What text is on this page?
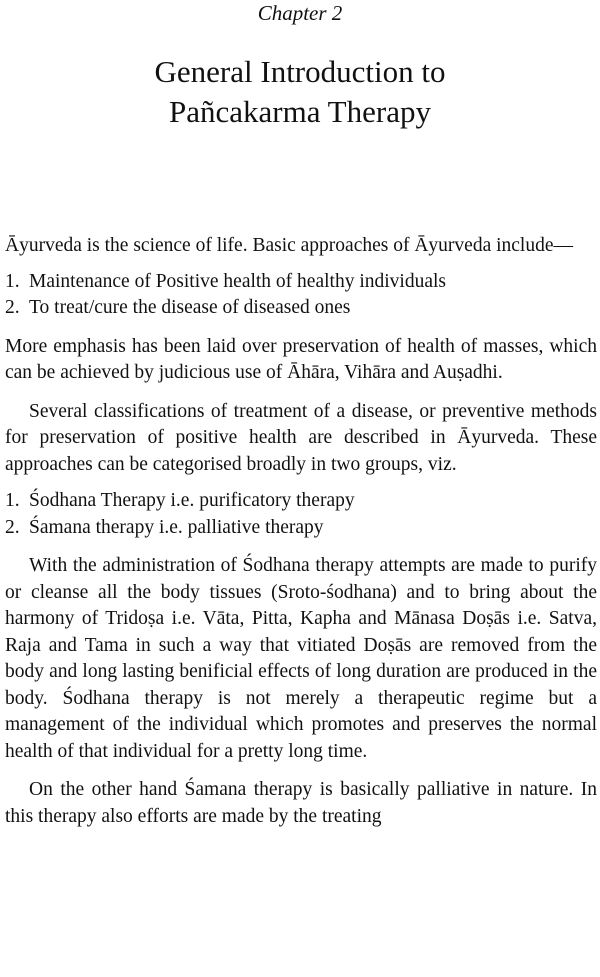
Chapter 2
General Introduction to
Pañcakarma Therapy

Āyurveda is the science of life. Basic approaches of Āyurveda include—

1. Maintenance of Positive health of healthy individuals

2. To treat/cure the disease of diseased ones

More emphasis has been laid over preservation of health of masses, which can be achieved by judicious use of Āhāra, Vihāra and Auṣadhi.

Several classifications of treatment of a disease, or preventive methods for preservation of positive health are described in Āyurveda. These approaches can be categorised broadly in two groups, viz.

1. Śodhana Therapy i.e. purificatory therapy

2. Śamana therapy i.e. palliative therapy

With the administration of Śodhana therapy attempts are made to purify or cleanse all the body tissues (Sroto-śodhana) and to bring about the harmony of Tridoṣa i.e. Vāta, Pitta, Kapha and Mānasa Doṣās i.e. Satva, Raja and Tama in such a way that vitiated Doṣās are removed from the body and long lasting benificial effects of long duration are produced in the body. Śodhana therapy is not merely a therapeutic regime but a management of the individual which promotes and preserves the normal health of that individual for a pretty long time.

On the other hand Śamana therapy is basically palliative in nature. In this therapy also efforts are made by the treating
